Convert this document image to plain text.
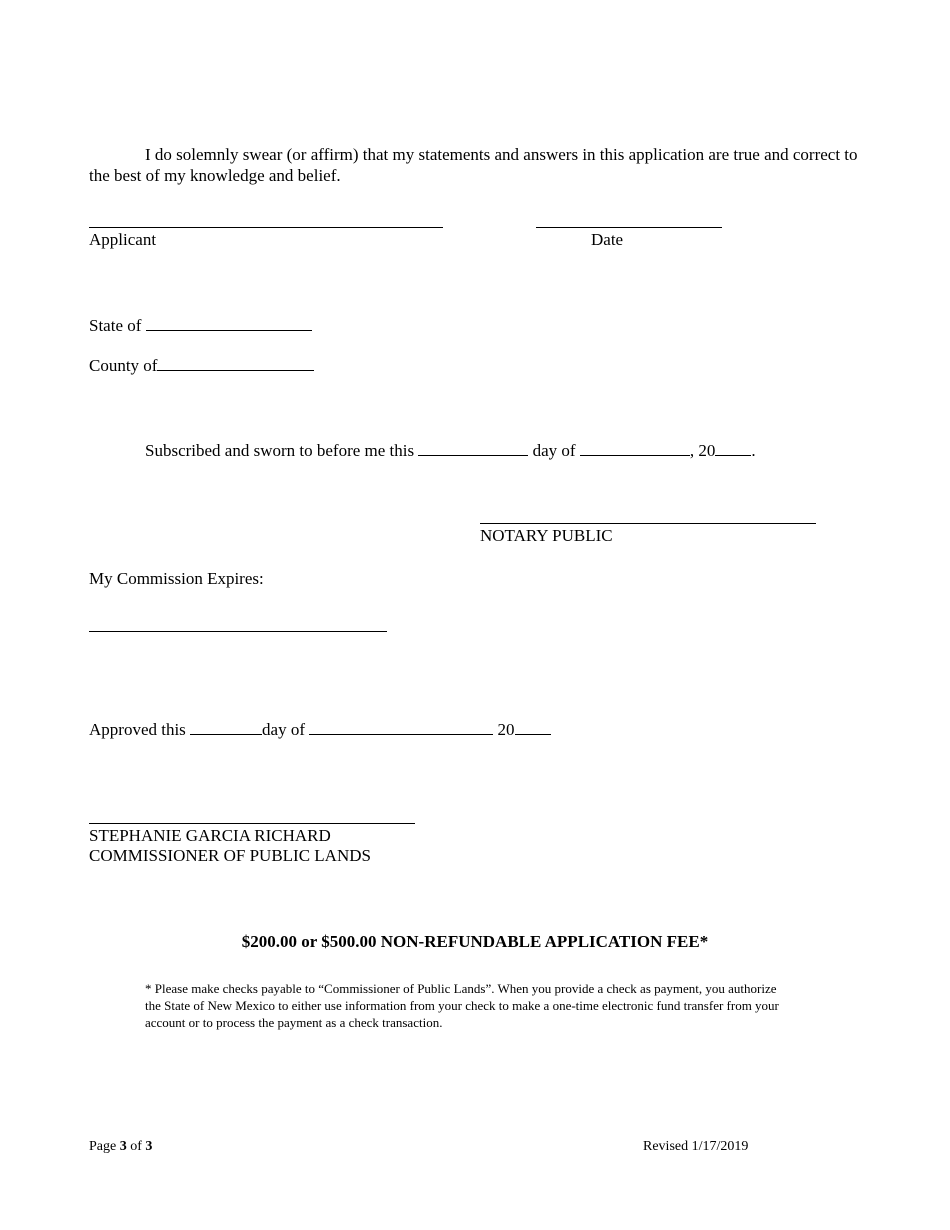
I do solemnly swear (or affirm) that my statements and answers in this application are true and correct to the best of my knowledge and belief.
Applicant	Date
State of
County of
Subscribed and sworn to before me this	day of	, 20 .
NOTARY PUBLIC
My Commission Expires:
Approved this	day of	20
STEPHANIE GARCIA RICHARD
COMMISSIONER OF PUBLIC LANDS
$200.00 or $500.00 NON-REFUNDABLE APPLICATION FEE*
* Please make checks payable to “Commissioner of Public Lands”. When you provide a check as payment, you authorize the State of New Mexico to either use information from your check to make a one-time electronic fund transfer from your account or to process the payment as a check transaction.
Page 3 of 3	Revised 1/17/2019
